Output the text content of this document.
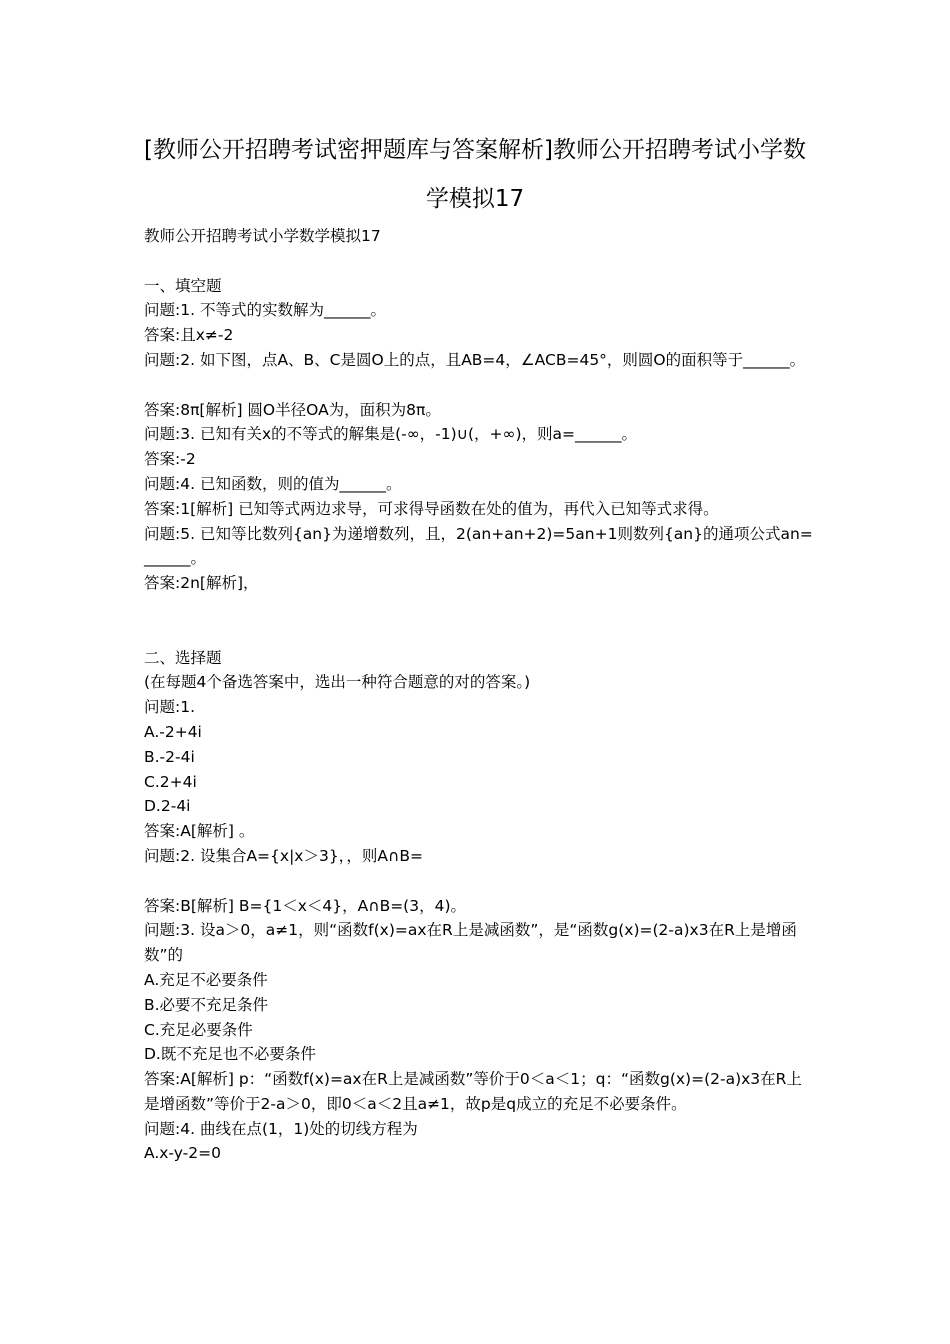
[教师公开招聘考试密押题库与答案解析]教师公开招聘考试小学数
学模拟17

教师公开招聘考试小学数学模拟17

一、填空题

问题:1. 不等式的实数解为______。

答案:且x≠-2

问题:2. 如下图，点A、B、C是圆O上的点，且AB=4，∠ACB=45°，则圆O的面积等于______。

答案:8π[解析] 圆O半径OA为，面积为8π。

问题:3. 已知有关x的不等式的解集是(-∞，-1)∪(，+∞)，则a=______。

答案:-2

问题:4. 已知函数，则的值为______。

答案:1[解析] 已知等式两边求导，可求得导函数在处的值为，再代入已知等式求得。

问题:5. 已知等比数列{an}为递增数列，且，2(an+an+2)=5an+1则数列{an}的通项公式an=______。

答案:2n[解析]，

二、选择题

(在每题4个备选答案中，选出一种符合题意的对的答案。)

问题:1.

A.-2+4i

B.-2-4i

C.2+4i

D.2-4i

答案:A[解析] 。

问题:2. 设集合A={x|x＞3}，，则A∩B=

答案:B[解析] B={1＜x＜4}，A∩B=(3，4)。

问题:3. 设a＞0，a≠1，则“函数f(x)=ax在R上是减函数”，是“函数g(x)=(2-a)x3在R上是增函数”的

A.充足不必要条件

B.必要不充足条件

C.充足必要条件

D.既不充足也不必要条件

答案:A[解析] p：“函数f(x)=ax在R上是减函数”等价于0＜a＜1；q：“函数g(x)=(2-a)x3在R上是增函数”等价于2-a＞0，即0＜a＜2且a≠1，故p是q成立的充足不必要条件。

问题:4. 曲线在点(1，1)处的切线方程为

A.x-y-2=0
